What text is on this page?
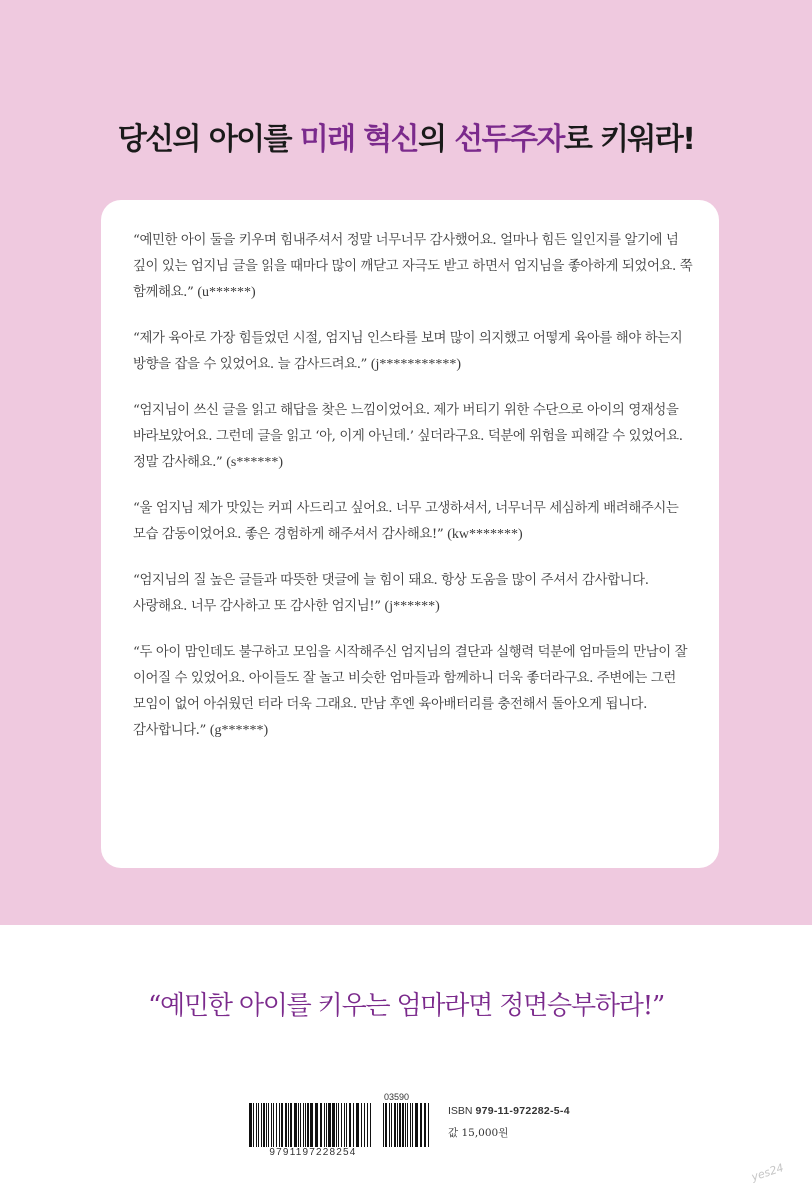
당신의 아이를 미래 혁신의 선두주자로 키워라!

“예민한 아이 둘을 키우며 힘내주셔서 정말 너무너무 감사했어요. 얼마나 힘든 일인지를 알기에 넘 깊이 있는 엄지님 글을 읽을 때마다 많이 깨닫고 자극도 받고 하면서 엄지님을 좋아하게 되었어요. 쭉 함께해요.” (u******)

“제가 육아로 가장 힘들었던 시절, 엄지님 인스타를 보며 많이 의지했고 어떻게 육아를 해야 하는지 방향을 잡을 수 있었어요. 늘 감사드려요.” (j***********)

“엄지님이 쓰신 글을 읽고 해답을 찾은 느낌이었어요. 제가 버티기 위한 수단으로 아이의 영재성을 바라보았어요. 그런데 글을 읽고 ‘아, 이게 아닌데.’ 싶더라구요. 덕분에 위험을 피해갈 수 있었어요. 정말 감사해요.” (s******)

“울 엄지님 제가 맛있는 커피 사드리고 싶어요. 너무 고생하셔서, 너무너무 세심하게 배려해주시는 모습 감동이었어요. 좋은 경험하게 해주셔서 감사해요!” (kw*******)

“엄지님의 질 높은 글들과 따뜻한 댓글에 늘 힘이 돼요. 항상 도움을 많이 주셔서 감사합니다. 사랑해요. 너무 감사하고 또 감사한 엄지님!” (j******)

“두 아이 맘인데도 불구하고 모임을 시작해주신 엄지님의 결단과 실행력 덕분에 엄마들의 만남이 잘 이어질 수 있었어요. 아이들도 잘 놀고 비슷한 엄마들과 함께하니 더욱 좋더라구요. 주변에는 그런 모임이 없어 아쉬웠던 터라 더욱 그래요. 만남 후엔 육아배터리를 충전해서 돌아오게 됩니다. 감사합니다.” (g******)

“예민한 아이를 키우는 엄마라면 정면승부하라!”
03590
9791197228254
ISBN 979-11-972282-5-4
값 15,000원
yes24
